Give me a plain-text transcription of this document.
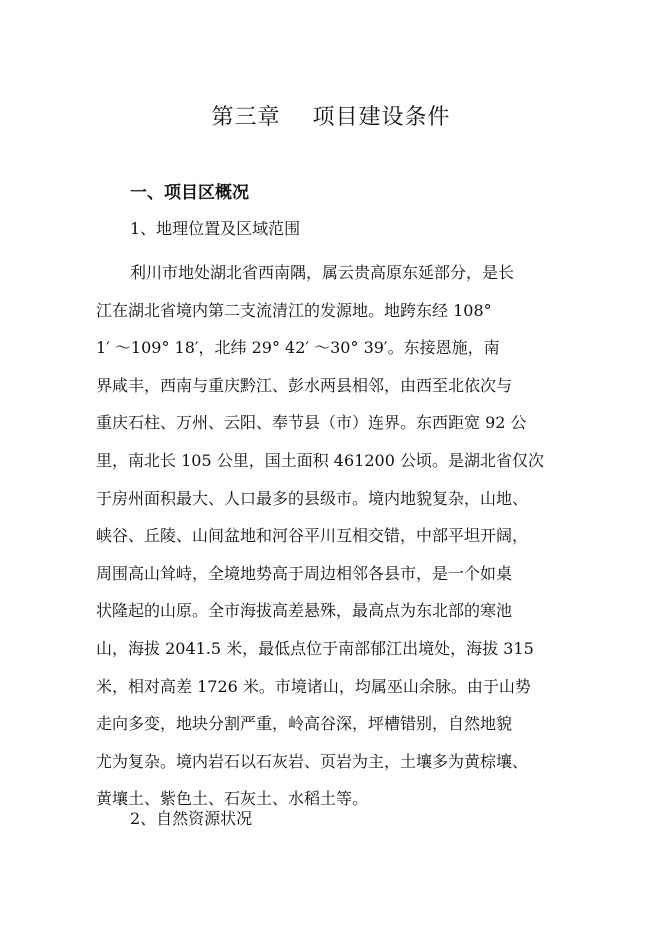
第三章    项目建设条件
一、项目区概况
1、地理位置及区域范围
利川市地处湖北省西南隅，属云贵高原东延部分，是长
江在湖北省境内第二支流清江的发源地。地跨东经 108°
1′ ～109° 18′，北纬 29° 42′ ～30° 39′。东接恩施，南
界咸丰，西南与重庆黔江、彭水两县相邻，由西至北依次与
重庆石柱、万州、云阳、奉节县（市）连界。东西距宽 92 公
里，南北长 105 公里，国土面积 461200 公顷。是湖北省仅次
于房州面积最大、人口最多的县级市。境内地貌复杂，山地、
峡谷、丘陵、山间盆地和河谷平川互相交错，中部平坦开阔，
周围高山耸峙，全境地势高于周边相邻各县市，是一个如桌
状隆起的山原。全市海拔高差悬殊，最高点为东北部的寒池
山，海拔 2041.5 米，最低点位于南部郁江出境处，海拔 315
米，相对高差 1726 米。市境诸山，均属巫山余脉。由于山势
走向多变，地块分割严重，岭高谷深，坪槽错别，自然地貌
尤为复杂。境内岩石以石灰岩、页岩为主，土壤多为黄棕壤、
黄壤土、紫色土、石灰土、水稻土等。
2、自然资源状况
